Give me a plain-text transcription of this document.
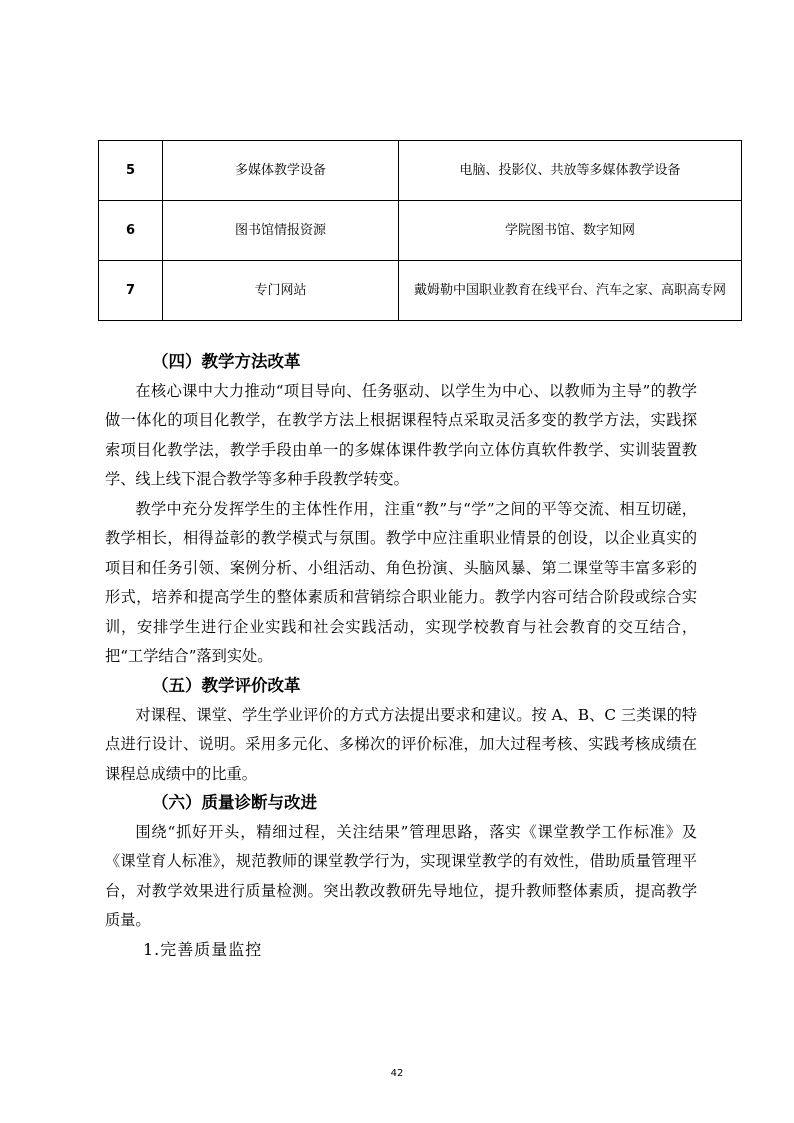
5	多媒体教学设备	电脑、投影仪、共放等多媒体教学设备
6	图书馆情报资源	学院图书馆、数字知网
7	专门网站	戴姆勒中国职业教育在线平台、汽车之家、高职高专网
（四）教学方法改革

在核心课中大力推动“项目导向、任务驱动、以学生为中心、以教师为主导”的教学做一体化的项目化教学，在教学方法上根据课程特点采取灵活多变的教学方法，实践探索项目化教学法，教学手段由单一的多媒体课件教学向立体仿真软件教学、实训装置教学、线上线下混合教学等多种手段教学转变。

教学中充分发挥学生的主体性作用，注重“教”与“学”之间的平等交流、相互切磋，教学相长，相得益彰的教学模式与氛围。教学中应注重职业情景的创设，以企业真实的项目和任务引领、案例分析、小组活动、角色扮演、头脑风暴、第二课堂等丰富多彩的形式，培养和提高学生的整体素质和营销综合职业能力。教学内容可结合阶段或综合实训，安排学生进行企业实践和社会实践活动，实现学校教育与社会教育的交互结合，把“工学结合”落到实处。

（五）教学评价改革

对课程、课堂、学生学业评价的方式方法提出要求和建议。按 A、B、C 三类课的特点进行设计、说明。采用多元化、多梯次的评价标准，加大过程考核、实践考核成绩在课程总成绩中的比重。

（六）质量诊断与改进

围绕“抓好开头，精细过程，关注结果”管理思路，落实《课堂教学工作标准》及《课堂育人标准》，规范教师的课堂教学行为，实现课堂教学的有效性，借助质量管理平台，对教学效果进行质量检测。突出教改教研先导地位，提升教师整体素质，提高教学质量。

1.完善质量监控

42
